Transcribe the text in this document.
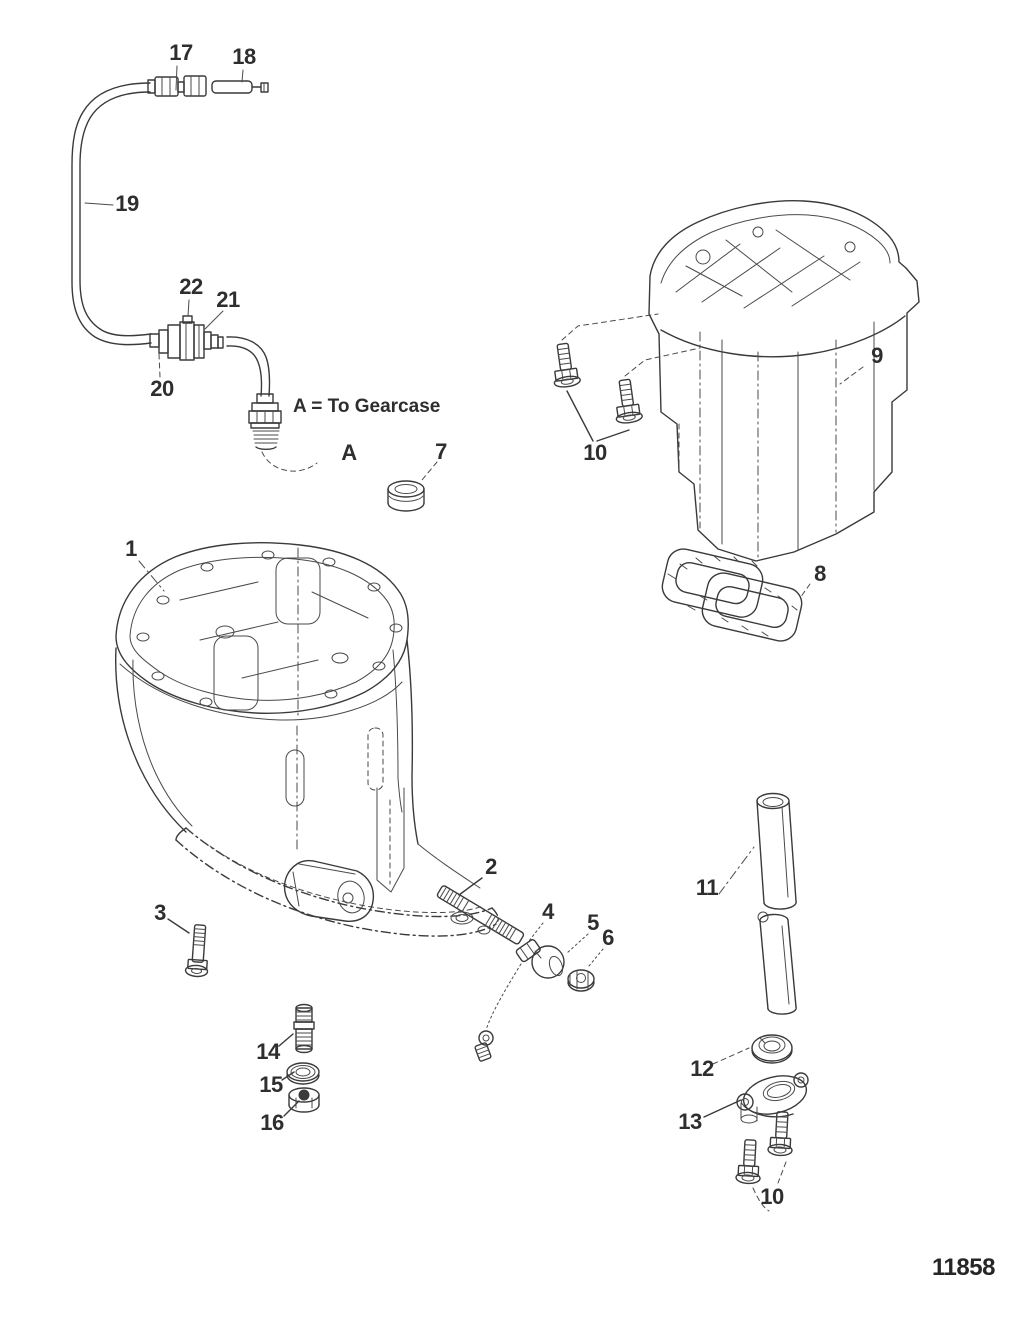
17 18
19
22
21
20
7
9
10
8
1
2
3	4 5
6
14
15
16
11
12
13
10
A
A = To Gearcase
11858
